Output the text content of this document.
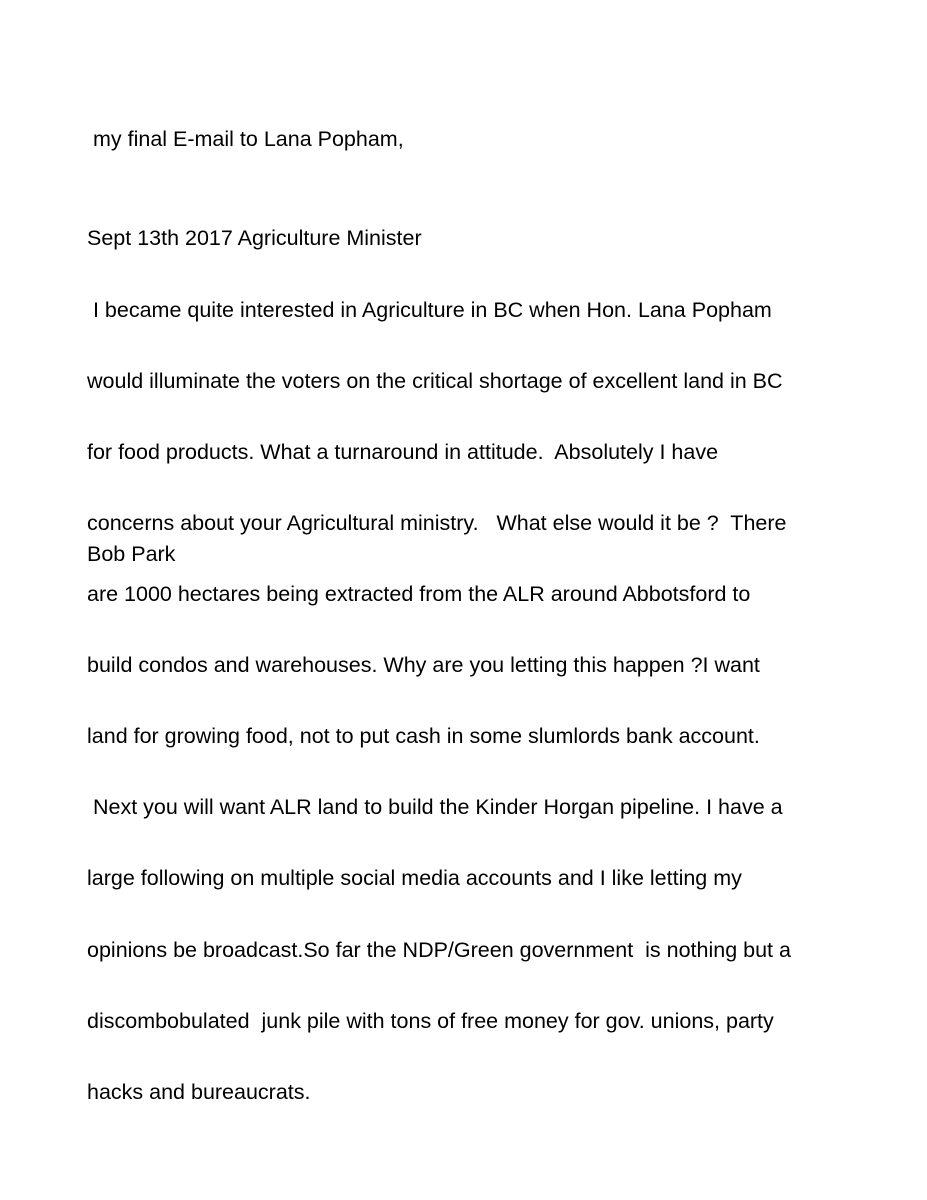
my final E-mail to Lana Popham,

Sept 13th 2017 Agriculture Minister

I became quite interested in Agriculture in BC when Hon. Lana Popham

would illuminate the voters on the critical shortage of excellent land in BC

for food products. What a turnaround in attitude.  Absolutely I have

concerns about your Agricultural ministry.   What else would it be ?  There

are 1000 hectares being extracted from the ALR around Abbotsford to

build condos and warehouses. Why are you letting this happen ?I want

land for growing food, not to put cash in some slumlords bank account.

Next you will want ALR land to build the Kinder Horgan pipeline. I have a

large following on multiple social media accounts and I like letting my

opinions be broadcast.So far the NDP/Green government  is nothing but a

discombobulated  junk pile with tons of free money for gov. unions, party

hacks and bureaucrats.

Bob Park
